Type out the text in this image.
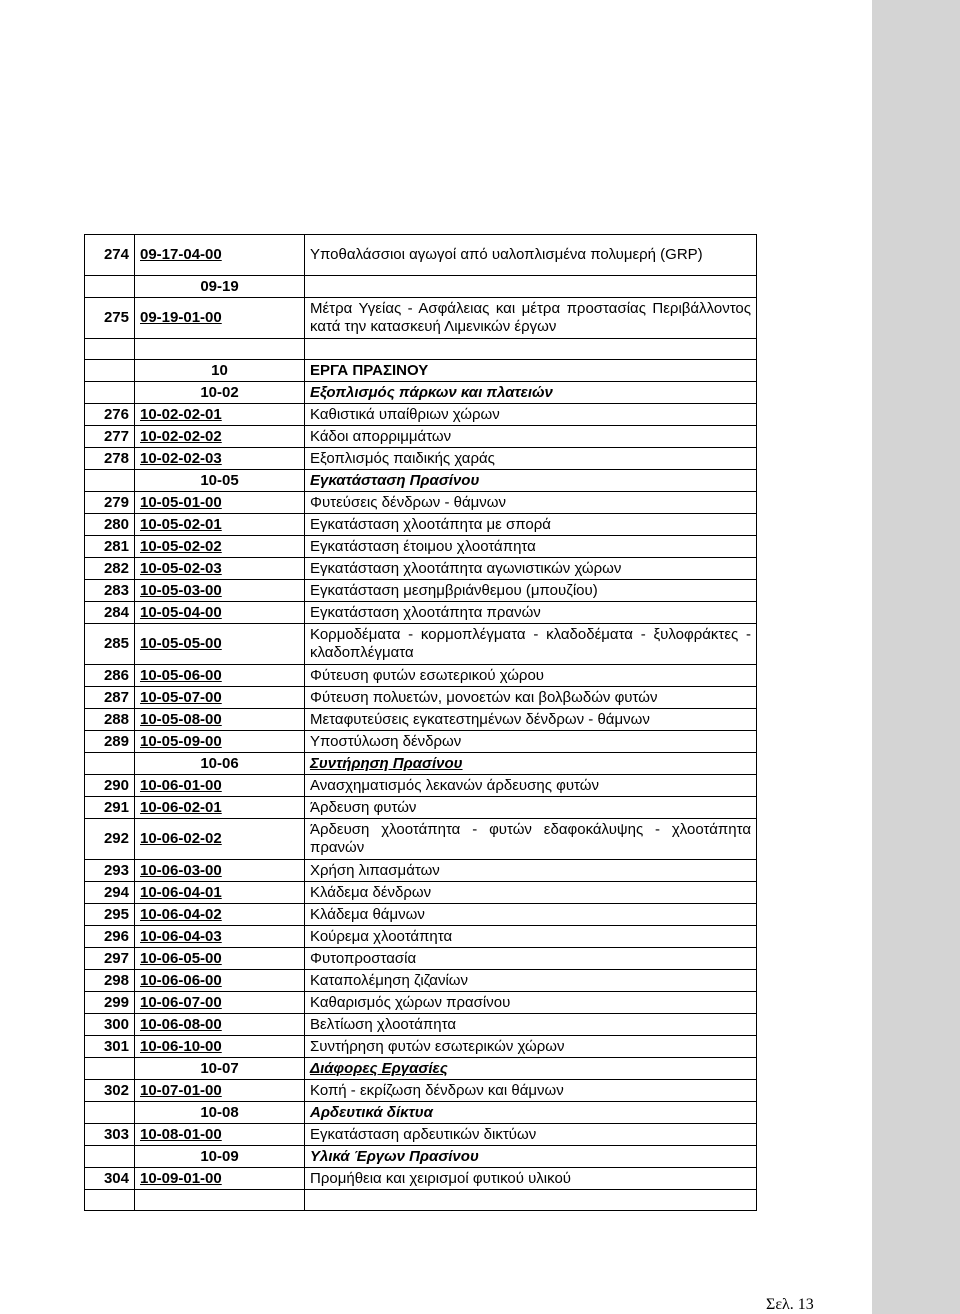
274	09-17-04-00	Υποθαλάσσιοι αγωγοί από υαλοπλισμένα πολυμερή (GRP)
	09-19	
275	09-19-01-00	Μέτρα Υγείας - Ασφάλειας και μέτρα προστασίας Περιβάλλοντος κατά την κατασκευή Λιμενικών έργων

	10	ΕΡΓΑ ΠΡΑΣΙΝΟΥ
	10-02	Εξοπλισμός πάρκων και πλατειών
276	10-02-02-01	Καθιστικά υπαίθριων χώρων
277	10-02-02-02	Κάδοι απορριμμάτων
278	10-02-02-03	Εξοπλισμός παιδικής χαράς
	10-05	Εγκατάσταση Πρασίνου
279	10-05-01-00	Φυτεύσεις δένδρων - θάμνων
280	10-05-02-01	Εγκατάσταση χλοοτάπητα με σπορά
281	10-05-02-02	Εγκατάσταση έτοιμου χλοοτάπητα
282	10-05-02-03	Εγκατάσταση χλοοτάπητα αγωνιστικών χώρων
283	10-05-03-00	Εγκατάσταση μεσημβριάνθεμου (μπουζίου)
284	10-05-04-00	Εγκατάσταση χλοοτάπητα πρανών
285	10-05-05-00	Κορμοδέματα - κορμοπλέγματα - κλαδοδέματα - ξυλοφράκτες - κλαδοπλέγματα
286	10-05-06-00	Φύτευση φυτών εσωτερικού χώρου
287	10-05-07-00	Φύτευση πολυετών, μονοετών και βολβωδών φυτών
288	10-05-08-00	Μεταφυτεύσεις εγκατεστημένων δένδρων - θάμνων
289	10-05-09-00	Υποστύλωση δένδρων
	10-06	Συντήρηση Πρασίνου
290	10-06-01-00	Ανασχηματισμός λεκανών άρδευσης φυτών
291	10-06-02-01	Άρδευση φυτών
292	10-06-02-02	Άρδευση χλοοτάπητα - φυτών εδαφοκάλυψης - χλοοτάπητα πρανών
293	10-06-03-00	Χρήση λιπασμάτων
294	10-06-04-01	Κλάδεμα δένδρων
295	10-06-04-02	Κλάδεμα θάμνων
296	10-06-04-03	Κούρεμα χλοοτάπητα
297	10-06-05-00	Φυτοπροστασία
298	10-06-06-00	Καταπολέμηση ζιζανίων
299	10-06-07-00	Καθαρισμός χώρων πρασίνου
300	10-06-08-00	Βελτίωση χλοοτάπητα
301	10-06-10-00	Συντήρηση φυτών εσωτερικών χώρων
	10-07	Διάφορες Εργασίες
302	10-07-01-00	Κοπή - εκρίζωση δένδρων και θάμνων
	10-08	Αρδευτικά δίκτυα
303	10-08-01-00	Εγκατάσταση αρδευτικών δικτύων
	10-09	Υλικά Έργων Πρασίνου
304	10-09-01-00	Προμήθεια και χειρισμοί φυτικού υλικού

Σελ. 13
